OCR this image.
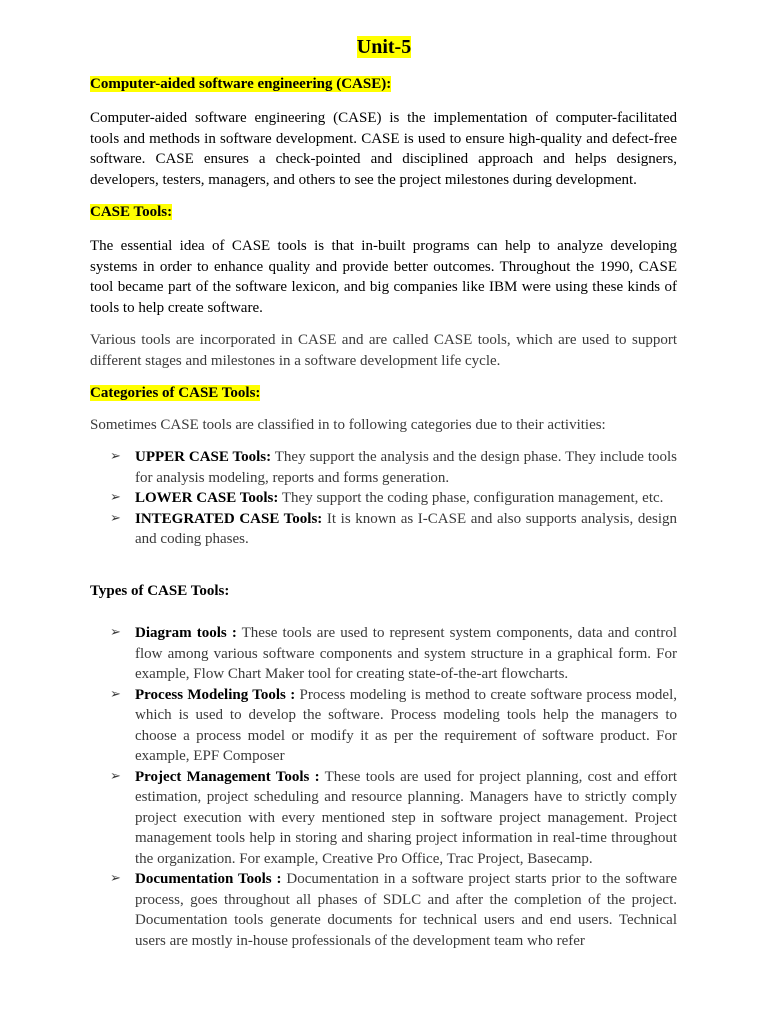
Unit-5
Computer-aided software engineering (CASE):
Computer-aided software engineering (CASE) is the implementation of computer-facilitated tools and methods in software development. CASE is used to ensure high-quality and defect-free software. CASE ensures a check-pointed and disciplined approach and helps designers, developers, testers, managers, and others to see the project milestones during development.
CASE Tools:
The essential idea of CASE tools is that in-built programs can help to analyze developing systems in order to enhance quality and provide better outcomes. Throughout the 1990, CASE tool became part of the software lexicon, and big companies like IBM were using these kinds of tools to help create software.
Various tools are incorporated in CASE and are called CASE tools, which are used to support different stages and milestones in a software development life cycle.
Categories of CASE Tools:
Sometimes CASE tools are classified in to following categories due to their activities:
➢ UPPER CASE Tools: They support the analysis and the design phase. They include tools for analysis modeling, reports and forms generation.
➢ LOWER CASE Tools: They support the coding phase, configuration management, etc.
➢ INTEGRATED CASE Tools: It is known as I-CASE and also supports analysis, design and coding phases.
Types of CASE Tools:
➢ Diagram tools : These tools are used to represent system components, data and control flow among various software components and system structure in a graphical form. For example, Flow Chart Maker tool for creating state-of-the-art flowcharts.
➢ Process Modeling Tools : Process modeling is method to create software process model, which is used to develop the software. Process modeling tools help the managers to choose a process model or modify it as per the requirement of software product. For example, EPF Composer
➢ Project Management Tools : These tools are used for project planning, cost and effort estimation, project scheduling and resource planning. Managers have to strictly comply project execution with every mentioned step in software project management. Project management tools help in storing and sharing project information in real-time throughout the organization. For example, Creative Pro Office, Trac Project, Basecamp.
➢ Documentation Tools : Documentation in a software project starts prior to the software process, goes throughout all phases of SDLC and after the completion of the project. Documentation tools generate documents for technical users and end users. Technical users are mostly in-house professionals of the development team who refer
